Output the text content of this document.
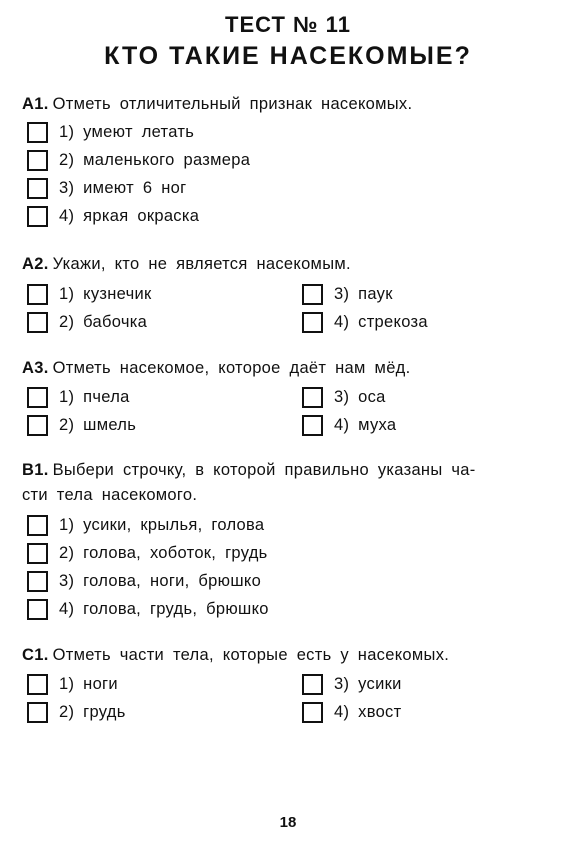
ТЕСТ № 11
КТО ТАКИЕ НАСЕКОМЫЕ?
A1. Отметь отличительный признак насекомых.
1) умеют летать
2) маленького размера
3) имеют 6 ног
4) яркая окраска
A2. Укажи, кто не является насекомым.
1) кузнечик
2) бабочка
3) паук
4) стрекоза
A3. Отметь насекомое, которое даёт нам мёд.
1) пчела
2) шмель
3) оса
4) муха
B1. Выбери строчку, в которой правильно указаны ча-
сти тела насекомого.
1) усики, крылья, голова
2) голова, хоботок, грудь
3) голова, ноги, брюшко
4) голова, грудь, брюшко
C1. Отметь части тела, которые есть у насекомых.
1) ноги
2) грудь
3) усики
4) хвост
18
